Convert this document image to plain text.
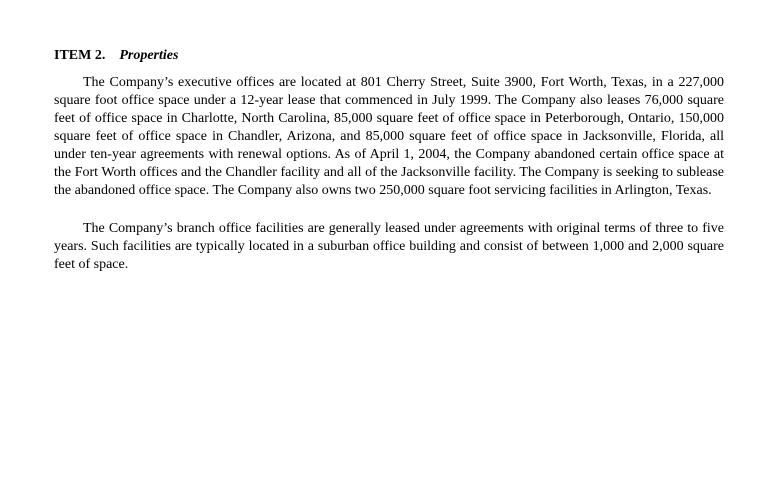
ITEM 2. Properties

The Company’s executive offices are located at 801 Cherry Street, Suite 3900, Fort Worth, Texas, in a 227,000 square foot office space under a 12-year lease that commenced in July 1999. The Company also leases 76,000 square feet of office space in Charlotte, North Carolina, 85,000 square feet of office space in Peterborough, Ontario, 150,000 square feet of office space in Chandler, Arizona, and 85,000 square feet of office space in Jacksonville, Florida, all under ten-year agreements with renewal options. As of April 1, 2004, the Company abandoned certain office space at the Fort Worth offices and the Chandler facility and all of the Jacksonville facility. The Company is seeking to sublease the abandoned office space. The Company also owns two 250,000 square foot servicing facilities in Arlington, Texas.

The Company’s branch office facilities are generally leased under agreements with original terms of three to five years. Such facilities are typically located in a suburban office building and consist of between 1,000 and 2,000 square feet of space.
